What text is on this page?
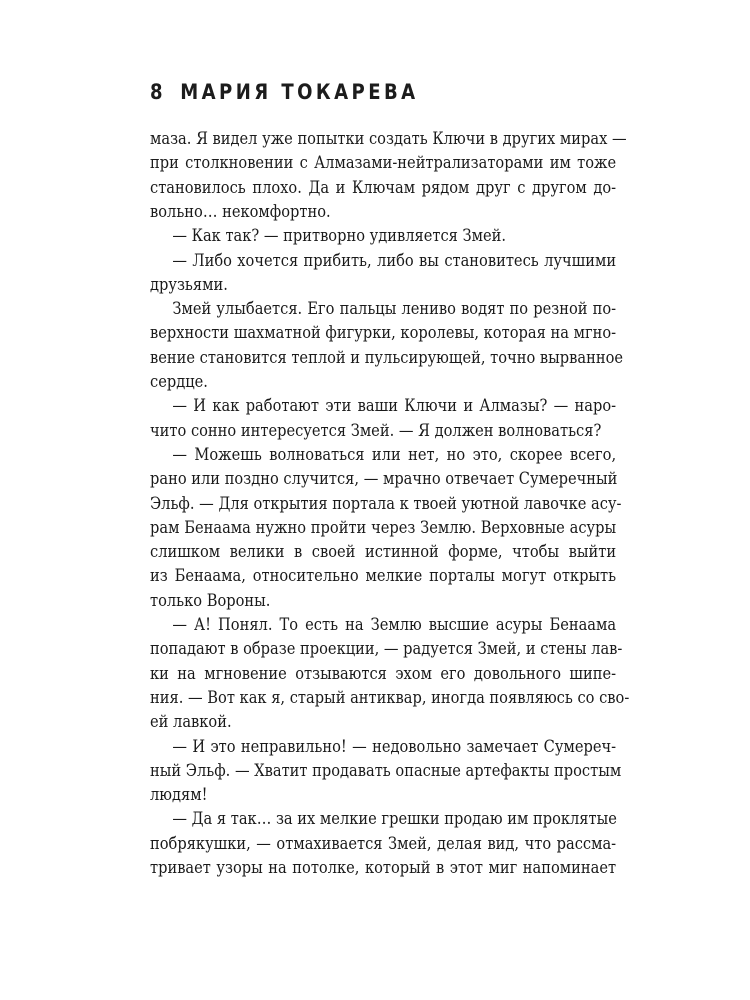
8 МАРИЯ ТОКАРЕВА
маза. Я видел уже попытки создать Ключи в других мирах —
при столкновении с Алмазами-нейтрализаторами им тоже
становилось плохо. Да и Ключам рядом друг с другом до-
вольно… некомфортно.
— Как так? — притворно удивляется Змей.
— Либо хочется прибить, либо вы становитесь лучшими
друзьями.
Змей улыбается. Его пальцы лениво водят по резной по-
верхности шахматной фигурки, королевы, которая на мгно-
вение становится теплой и пульсирующей, точно вырванное
сердце.
— И как работают эти ваши Ключи и Алмазы? — наро-
чито сонно интересуется Змей. — Я должен волноваться?
— Можешь волноваться или нет, но это, скорее всего,
рано или поздно случится, — мрачно отвечает Сумеречный
Эльф. — Для открытия портала к твоей уютной лавочке асу-
рам Бенаама нужно пройти через Землю. Верховные асуры
слишком велики в своей истинной форме, чтобы выйти
из Бенаама, относительно мелкие порталы могут открыть
только Вороны.
— А! Понял. То есть на Землю высшие асуры Бенаама
попадают в образе проекции, — радуется Змей, и стены лав-
ки на мгновение отзываются эхом его довольного шипе-
ния. — Вот как я, старый антиквар, иногда появляюсь со сво-
ей лавкой.
— И это неправильно! — недовольно замечает Сумереч-
ный Эльф. — Хватит продавать опасные артефакты простым
людям!
— Да я так… за их мелкие грешки продаю им проклятые
побрякушки, — отмахивается Змей, делая вид, что рассма-
тривает узоры на потолке, который в этот миг напоминает
